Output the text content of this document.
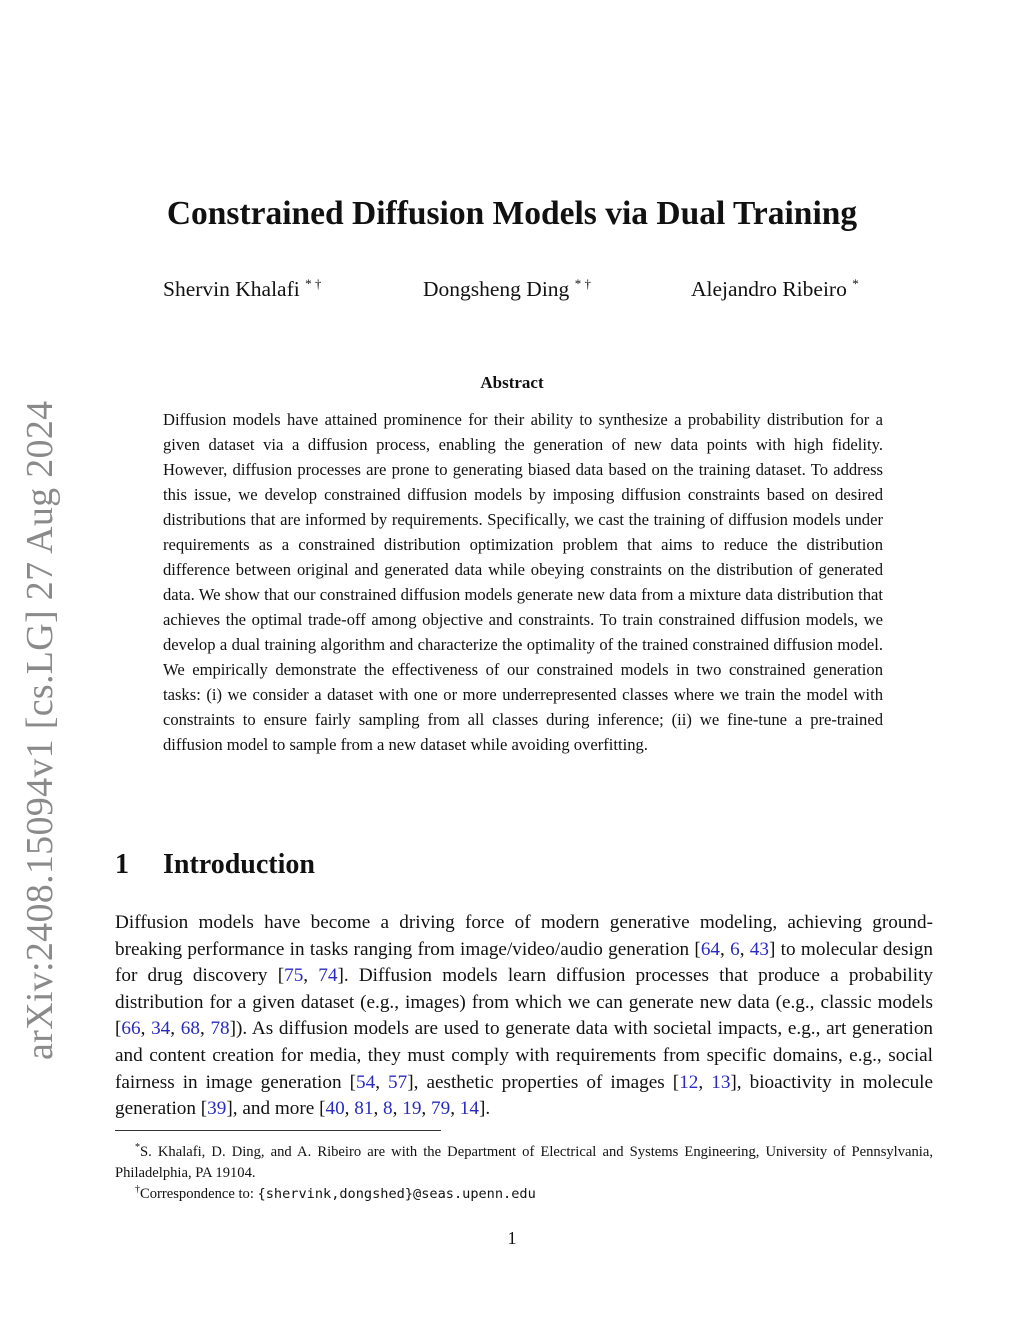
arXiv:2408.15094v1 [cs.LG] 27 Aug 2024
Constrained Diffusion Models via Dual Training
Shervin Khalafi * †	Dongsheng Ding * †	Alejandro Ribeiro *
Abstract
Diffusion models have attained prominence for their ability to synthesize a probability distribution for a given dataset via a diffusion process, enabling the generation of new data points with high fidelity. However, diffusion processes are prone to generating biased data based on the training dataset. To address this issue, we develop constrained diffusion models by imposing diffusion constraints based on desired distributions that are informed by requirements. Specifically, we cast the training of diffusion models under requirements as a constrained distribution optimization problem that aims to reduce the distribution difference between original and generated data while obeying constraints on the distribution of generated data. We show that our constrained diffusion models generate new data from a mixture data distribution that achieves the optimal trade-off among objective and constraints. To train constrained diffusion models, we develop a dual training algorithm and characterize the optimality of the trained constrained diffusion model. We empirically demonstrate the effectiveness of our constrained models in two constrained generation tasks: (i) we consider a dataset with one or more underrepresented classes where we train the model with constraints to ensure fairly sampling from all classes during inference; (ii) we fine-tune a pre-trained diffusion model to sample from a new dataset while avoiding overfitting.
1 Introduction
Diffusion models have become a driving force of modern generative modeling, achieving ground-breaking performance in tasks ranging from image/video/audio generation [64, 6, 43] to molecular design for drug discovery [75, 74]. Diffusion models learn diffusion processes that produce a probability distribution for a given dataset (e.g., images) from which we can generate new data (e.g., classic models [66, 34, 68, 78]). As diffusion models are used to generate data with societal impacts, e.g., art generation and content creation for media, they must comply with requirements from specific domains, e.g., social fairness in image generation [54, 57], aesthetic properties of images [12, 13], bioactivity in molecule generation [39], and more [40, 81, 8, 19, 79, 14].
*S. Khalafi, D. Ding, and A. Ribeiro are with the Department of Electrical and Systems Engineering, University of Pennsylvania, Philadelphia, PA 19104.
†Correspondence to: {shervink,dongshed}@seas.upenn.edu
1
